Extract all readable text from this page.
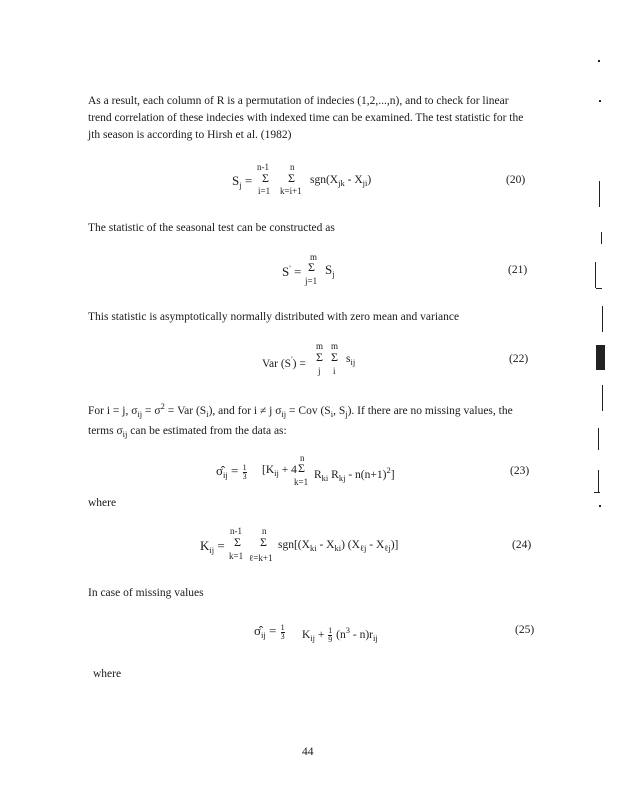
As a result, each column of R is a permutation of indecies (1,2,...,n), and to check for linear trend correlation of these indecies with indexed time can be examined. The test statistic for the jth season is according to Hirsh et al. (1982)
$S_j$ =
n-1
Σ
i=1
n
Σ
k=i+1
$sgn(X_{jk} - X_{ji})$	(20)
The statistic of the seasonal test can be constructed as
S' =
m
Σ
j=1
$S_j$	(21)
This statistic is asymptotically normally distributed with zero mean and variance
Var (S') =
m
Σ
j
m
Σ
i
$s_{ij}$	(22)
For i = j, $\sigma_{ij} = \sigma^2$ = Var $(S_i)$, and for i ≠ j $\sigma_{ij}$ = Cov ($S_i$, $S_j$). If there are no missing values, the terms $\sigma_{ij}$ can be estimated from the data as:
$\sigmâ_{ij} = \frac{1}{3} [K_{ij} + 4$
n
Σ
k=1
$R_{ki}$ $R_{kj} - n(n+1)^2$]	(23)
where
$K_{ij}$ =
n-1
Σ
k=1
n
Σ
ℓ=k+1
$sgn[(X_{ki} - X_{ki})$ $(X_{\ell j} - X_{\ell j})$]	(24)
In case of missing values
$\sigmâ_{ij} = \frac{1}{3} K_{ij} + \frac{1}{9} (n^3 - n)r_{ij}$
(25)
where
44
